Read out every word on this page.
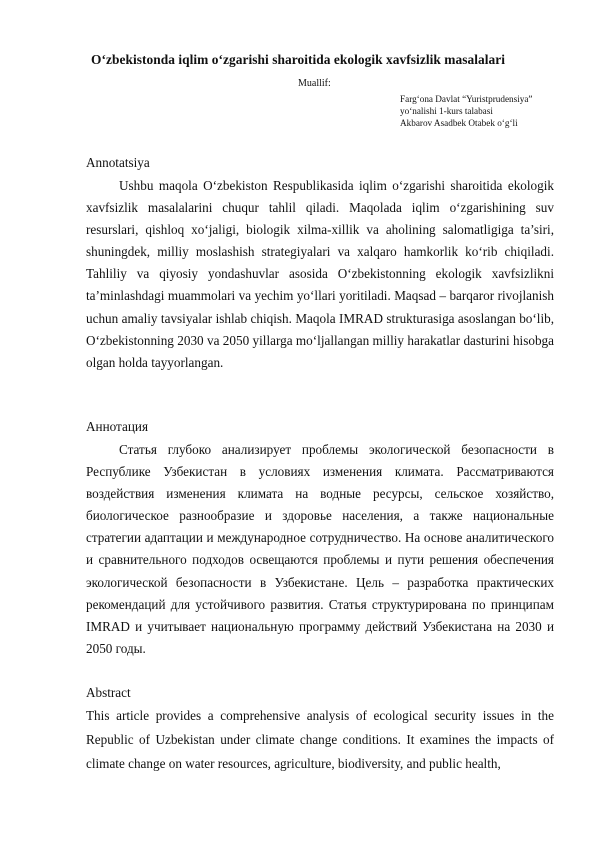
O‘zbekistonda iqlim o‘zgarishi sharoitida ekologik xavfsizlik masalalari
Muallif:
Farg‘ona Davlat “Yuristprudensiya”
yo‘nalishi 1-kurs talabasi
Akbarov Asadbek Otabek o‘g‘li
Annotatsiya

Ushbu maqola O‘zbekiston Respublikasida iqlim o‘zgarishi sharoitida ekologik xavfsizlik masalalarini chuqur tahlil qiladi. Maqolada iqlim o‘zgarishining suv resurslari, qishloq xo‘jaligi, biologik xilma-xillik va aholining salomatligiga ta’siri, shuningdek, milliy moslashish strategiyalari va xalqaro hamkorlik ko‘rib chiqiladi. Tahliliy va qiyosiy yondashuvlar asosida O‘zbekistonning ekologik xavfsizlikni ta’minlashdagi muammolari va yechim yo‘llari yoritiladi. Maqsad – barqaror rivojlanish uchun amaliy tavsiyalar ishlab chiqish. Maqola IMRAD strukturasiga asoslangan bo‘lib, O‘zbekistonning 2030 va 2050 yillarga mo‘ljallangan milliy harakatlar dasturini hisobga olgan holda tayyorlangan.

Аннотация

Статья глубоко анализирует проблемы экологической безопасности в Республике Узбекистан в условиях изменения климата. Рассматриваются воздействия изменения климата на водные ресурсы, сельское хозяйство, биологическое разнообразие и здоровье населения, а также национальные стратегии адаптации и международное сотрудничество. На основе аналитического и сравнительного подходов освещаются проблемы и пути решения обеспечения экологической безопасности в Узбекистане. Цель – разработка практических рекомендаций для устойчивого развития. Статья структурирована по принципам IMRAD и учитывает национальную программу действий Узбекистана на 2030 и 2050 годы.

Abstract

This article provides a comprehensive analysis of ecological security issues in the Republic of Uzbekistan under climate change conditions. It examines the impacts of climate change on water resources, agriculture, biodiversity, and public health,
